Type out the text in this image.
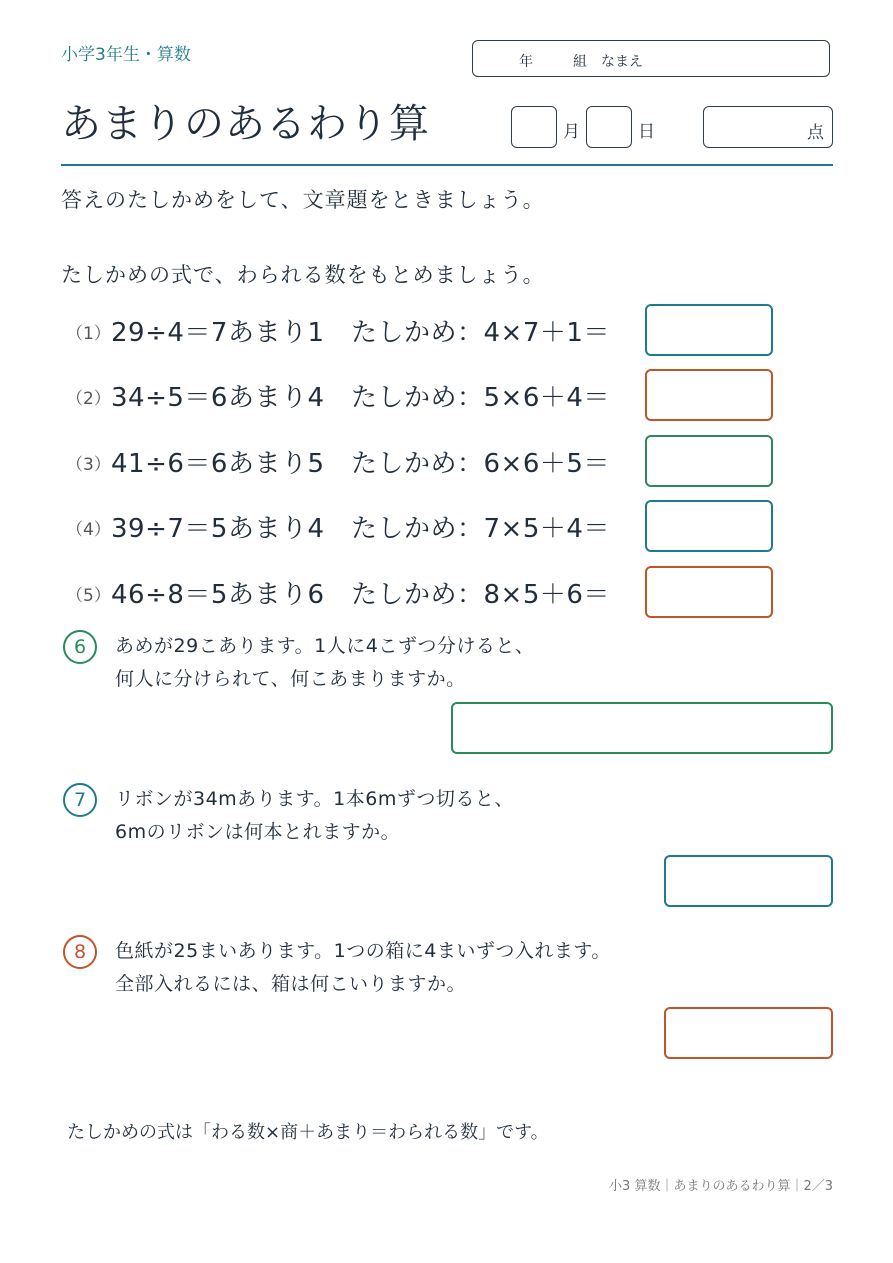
小学3年生・算数	年	組 なまえ
あまりのあるわり算	月	日	点
答えのたしかめをして、文章題をときましょう。
たしかめの式で、わられる数をもとめましょう。
（1） 29÷4＝7あまり1　たしかめ：4×7＋1＝
（2） 34÷5＝6あまり4　たしかめ：5×6＋4＝
（3） 41÷6＝6あまり5　たしかめ：6×6＋5＝
（4） 39÷7＝5あまり4　たしかめ：7×5＋4＝
（5） 46÷8＝5あまり6　たしかめ：8×5＋6＝
6	あめが29こあります。1人に4こずつ分けると、
何人に分けられて、何こあまりますか。
7	リボンが34mあります。1本6mずつ切ると、
6mのリボンは何本とれますか。
8	色紙が25まいあります。1つの箱に4まいずつ入れます。
全部入れるには、箱は何こいりますか。
たしかめの式は「わる数×商＋あまり＝わられる数」です。
小3 算数｜あまりのあるわり算｜2／3
